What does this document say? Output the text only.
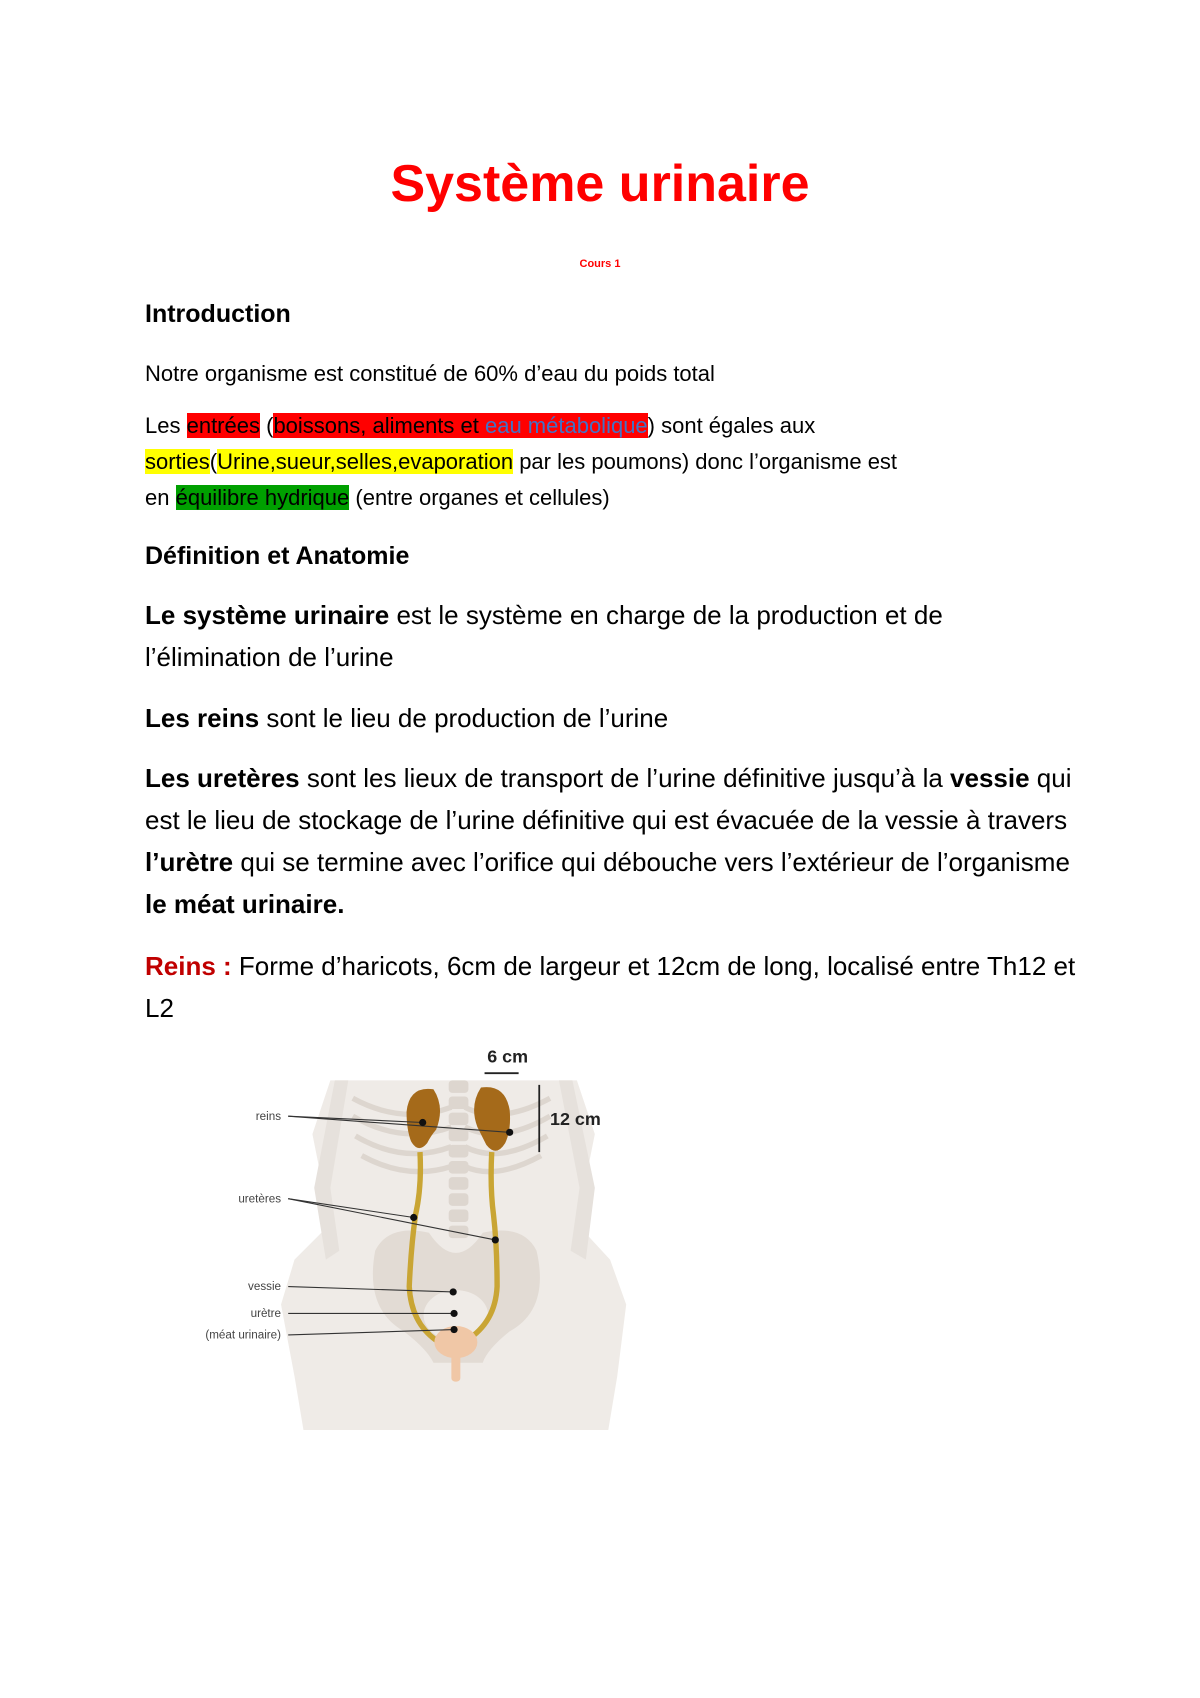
Système urinaire
Cours 1
Introduction
Notre organisme est constitué de 60% d’eau du poids total
Les entrées (boissons, aliments et eau métabolique) sont égales aux
sorties(Urine,sueur,selles,evaporation par les poumons) donc l’organisme est
en équilibre hydrique (entre organes et cellules)
Définition et Anatomie
Le système urinaire est le système en charge de la production et de l’élimination de l’urine
Les reins sont le lieu de production de l’urine
Les uretères sont les lieux de transport de l’urine définitive jusqu’à la vessie qui est le lieu de stockage de l’urine définitive qui est évacuée de la vessie à travers l’urètre qui se termine avec l’orifice qui débouche vers l’extérieur de l’organisme le méat urinaire.
Reins : Forme d’haricots, 6cm de largeur et 12cm de long, localisé entre Th12 et L2
reins
uretères
vessie
urètre
(méat urinaire)
6 cm
12 cm
